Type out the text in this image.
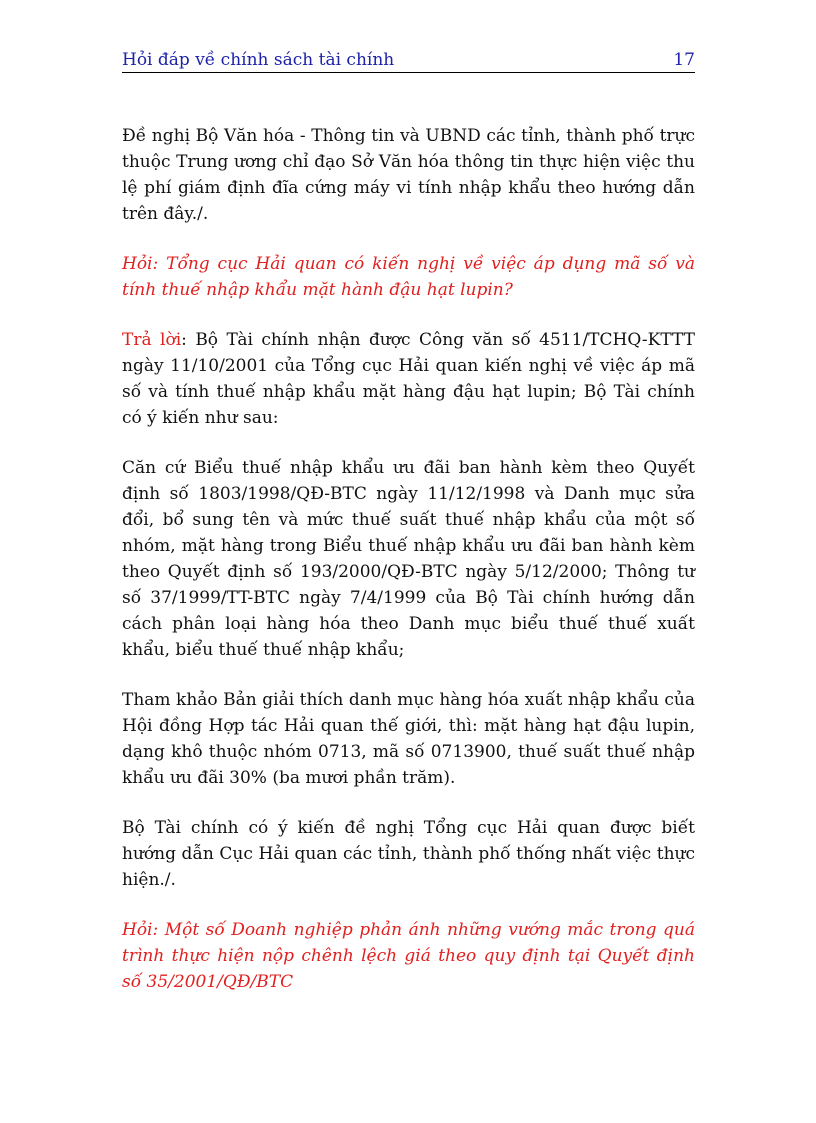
Hỏi đáp về chính sách tài chính	17

Đề nghị Bộ Văn hóa - Thông tin và UBND các tỉnh, thành phố trực thuộc Trung ương chỉ đạo Sở Văn hóa thông tin thực hiện việc thu lệ phí giám định đĩa cứng máy vi tính nhập khẩu theo hướng dẫn trên đây./.

Hỏi: Tổng cục Hải quan có kiến nghị về việc áp dụng mã số và tính thuế nhập khẩu mặt hành đậu hạt lupin?

Trả lời: Bộ Tài chính nhận được Công văn số 4511/TCHQ-KTTT ngày 11/10/2001 của Tổng cục Hải quan kiến nghị về việc áp mã số và tính thuế nhập khẩu mặt hàng đậu hạt lupin; Bộ Tài chính có ý kiến như sau:

Căn cứ Biểu thuế nhập khẩu ưu đãi ban hành kèm theo Quyết định số 1803/1998/QĐ-BTC ngày 11/12/1998 và Danh mục sửa đổi, bổ sung tên và mức thuế suất thuế nhập khẩu của một số nhóm, mặt hàng trong Biểu thuế nhập khẩu ưu đãi ban hành kèm theo Quyết định số 193/2000/QĐ-BTC ngày 5/12/2000; Thông tư số 37/1999/TT-BTC ngày 7/4/1999 của Bộ Tài chính hướng dẫn cách phân loại hàng hóa theo Danh mục biểu thuế thuế xuất khẩu, biểu thuế thuế nhập khẩu;

Tham khảo Bản giải thích danh mục hàng hóa xuất nhập khẩu của Hội đồng Hợp tác Hải quan thế giới, thì: mặt hàng hạt đậu lupin, dạng khô thuộc nhóm 0713, mã số 0713900, thuế suất thuế nhập khẩu ưu đãi 30% (ba mươi phần trăm).

Bộ Tài chính có ý kiến đề nghị Tổng cục Hải quan được biết hướng dẫn Cục Hải quan các tỉnh, thành phố thống nhất việc thực hiện./.

Hỏi: Một số Doanh nghiệp phản ánh những vướng mắc trong quá trình thực hiện nộp chênh lệch giá theo quy định tại Quyết định số 35/2001/QĐ/BTC
